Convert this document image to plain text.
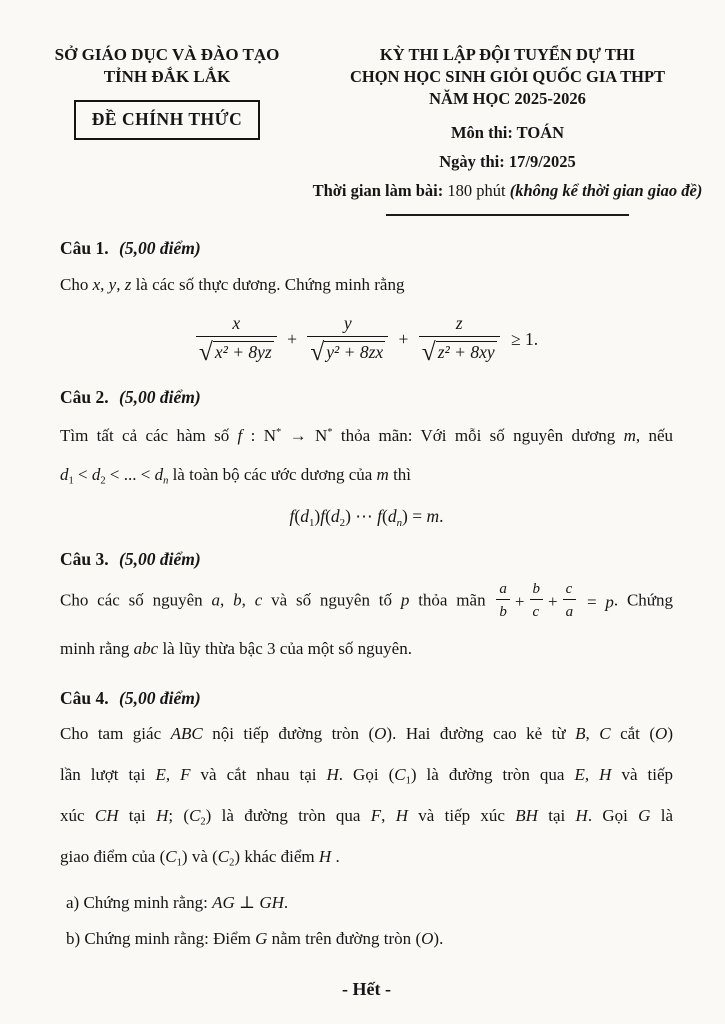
SỞ GIÁO DỤC VÀ ĐÀO TẠO
TỈNH ĐẮK LẮK
ĐỀ CHÍNH THỨC
KỲ THI LẬP ĐỘI TUYỂN DỰ THI
CHỌN HỌC SINH GIỎI QUỐC GIA THPT
NĂM HỌC 2025-2026
Môn thi: TOÁN
Ngày thi: 17/9/2025
Thời gian làm bài: 180 phút (không kể thời gian giao đề)
Câu 1. (5,00 điểm)
Cho x, y, z là các số thực dương. Chứng minh rằng
$\frac{x}{\text{√ x² + 8yz}} + \frac{y}{\text{√ y² + 8zx}} + \frac{z}{\text{√ z² + 8xy}} \ge 1$.
Câu 2. (5,00 điểm)
Tìm tất cả các hàm số f : N* → N* thỏa mãn: Với mỗi số nguyên dương m, nếu
$d_1 < d_2$ < ... < $d_n$ là toàn bộ các ước dương của m thì
$f(d_1)f(d_2)$ ⋯ $f(d_n) = m$.
Câu 3. (5,00 điểm)
Cho các số nguyên a, b, c và số nguyên tố p thỏa mãn $\frac{a}{b} + \frac{b}{c} + \frac{c}{a} = p$. Chứng
minh rằng abc là lũy thừa bậc 3 của một số nguyên.
Câu 4. (5,00 điểm)
Cho tam giác ABC nội tiếp đường tròn (O). Hai đường cao kẻ từ B, C cắt (O)
lần lượt tại E, F và cắt nhau tại H. Gọi $(C_1)$ là đường tròn qua E, H và tiếp
xúc CH tại H; $(C_2)$ là đường tròn qua F, H và tiếp xúc BH tại H. Gọi G là
giao điểm của $(C_1)$ và $(C_2)$ khác điểm H .
a) Chứng minh rằng: AG ⊥ GH.
b) Chứng minh rằng: Điểm G nằm trên đường tròn (O).
- Hết -
